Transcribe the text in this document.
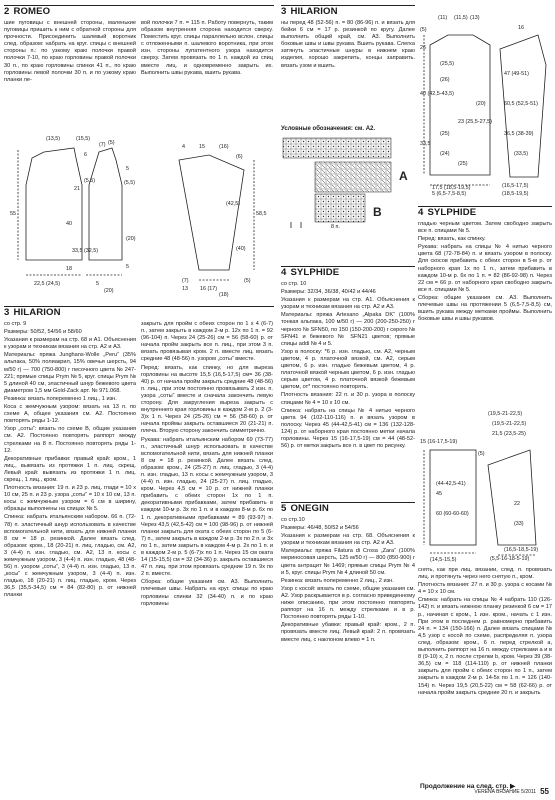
2 ROMEO

шие пуговицы с внешней стороны, маленькие пуговицы пришить к ним с обратной стороны для прочности. Присоединить шалевый воротник след. образом: набрать на круг. спицы с внешней стороны п.: по узкому краю полочки правой полочки 7-10, по краю горловины правой полочки 30 п., по краю горловины спинки 41 п., по краю горловины левой полочки 30 п. и по узкому краю планки ле-

вой полочки 7 п. = 115 п. Работу повернуть, таким образом внутренняя сторона находится сверху. Поместить круг. спицы параллельно вслон. спицы с отложенными п. шалевого воротника, при этом изн. стороны лупатентного узора находится сверху. Затем провязать по 1 п. каждой из спиц вместе лиц. и одновременно закрыть их. Выполнить швы рукава, вшить рукава.

(13,5)	(15,5)
(5)
(7)
6
5
21
(5,5)	(5,5)
55
40
33,5 (32,5)
(20)
18	5
22,5 (24,5)	5
(20)
4	15	(16)
(6)
58,5
(42,5)
(40)
13 16 (17)
(7)	(5)
(18)
3 HILARION

ны перед 48 (52-56) п. = 80 (86-96) п. и вязать для бейки 6 см = 17 р. резинкой по кругу. Далее выполнить общий край, см. А3. Выполнить боковые швы и швы рукава. Вшить рукава. Слегка затянуть эластичные шнуры в нижнем краю изделия, хорошо закрепить, концы заправить. вязать узом и вшить.

Условные обозначения: см. А2.
A
B
8 п.
(11) (11,5) (13)
(5)
26
40 (42,5-43,5)
33,5
(25,5)
(26)
(20)
23 (25,5-27,5)
(25)
(24)
(25)
16
47 (49-51)
60,5 (52,5-51)
36,5 (38-39)
(33,5)
(16,5-17,5)
(18,5-19,5)
5 (6,5-7,5-8,5)
17,5 (18,5-19,5)
4 SYLPHIDE

гладью черным цветом. Затем свободно закрыть все п. спицами № 5.

Перед: вязать, как спинку.

Рукава: набрать на спицы № 4 нитью черного цвета 68 (72-78-84) п. и вязать узором в полоску. Для скосов прибавить с обеих сторон в 5-м р. от наборного края 1х по 1 п., затем прибавить в каждом 10-м р. 6х по 1 п. = 82 (86-92-98) п. Через 22 см = 66 р. от наборного края свободно закрыть все п. спицами № 5.

Сборка: общие указания см. А3. Выполнить плечевые швы на протяжении 5 (6,5-7,5-8,5) см, вшить рукава между метками проймы. Выполнить боковые швы и швы рукавов.

3 HILARION

со стр. 9

Размеры: 50/52, 54/56 и 58/60

Указания к размерам на стр. 68 и А1. Объяснения к узорам и техникам вязания на стр. А2 и А3.

Материалы: пряжа Junghans-Wolle „Peru“ (35% альпака, 50% полиакрил, 15% овечья шерсть, 94 м/50 г) — 700 (750-800) г песочного цвета № 247-221; прямые спицы Prym № 5, круг. спицы Prym № 5 длиной 40 см, эластичный шнур бежевого цвета диаметром 1,5 мм Gold-Zack арт. № 971.068.

Резинка: вязать попеременно 1 лиц., 1 изн.

Коса с жемчужным узором: вязать на 13 п. по схеме А, общее указания см. А2. Постоянно повторять ряды 1-12.

Узор „соты“: вязать по схеме В, общие указания см. А2. Постоянно повторять раппорт между стрелками на 8 п. Постоянно повторять ряды 1-12.

Декоративные прибавки: правый край: кром., 1 лиц., вывязать из протяжки 1 п. лиц. скрещ. Левый край: вывязать из протяжки 1 п. лиц. скрещ., 1 лиц., кром.

Плотность вязания: 19 п. и 23 р. лиц. глади = 10 х 10 см, 25 п. и 23 р. узора „соты“ = 10 х 10 см, 13 п. косы с жемчужным узором = 6 см в ширину, образцы выполнены на спицах № 5.

Спинка: набрать итальянским набором. 66 п. (72-78) п. эластичный шнур использовать в качестве вспомогательной нити, вязать для нижней планки 8 см = 18 р. резинкой. Далее вязать след. образом: кром., 18 (20-21) п. лиц. гладью, см. А2, 3 (4-4) п. изн. гладью, см. А2, 13 п. косы с жемчужным узором, 3 (4-4) п. изн. гладью, 48 (48-56) п. узором „соты“, 3 (4-4) п. изн. гладью, 13 п. „косы“ с жемчужным узором, 3 (4-4) п. изн. гладью, 18 (20-21) п. лиц. гладью, кром. Через 36,5 (35,5-34,5) см = 84 (82-80) р. от нижней планки

закрыть для пройм с обеих сторон по 1 х 4 (6-7) п., затем закрыть в каждом 2-м р. 12х по 1 п. = 92 (96-104) п. Через 24 (25-26) см = 56 (58-60) р. от начала пройм закрыть все п. лиц., при этом 3 п. вязать провязывая кром. 2 п. вместе лиц. вязать средние 48 (48-56) п. узором „соты“ вместе.

Перед: вязать, как спинку, но для выреза горловины на высоте 15,5 (16,5-17,5) см= 36 (38-40) р. от начала пройм закрыть средние 48 (48-56) п. лиц., при этом постоянно провязывать 2 изн. п. узора „соты“ вместе и сначала закончить левую сторону. Для закругления выреза закрыть с внутреннего края горловины в каждом 2-м р. 2 (3-3)х 1 п. Через 24 (25-26) см = 56 (58-60) р. от начала проймы закрыть оставшиеся 20 (21-21) п. плеча. Вторую сторону закончить симметрично.

Рукава: набрать итальянским набором 69 (73-77) п., эластичный шнур использовать в качестве вспомогательной нити, вязать для нижней планки 8 см = 18 р. резинкой. Далее вязать след. образом: кром., 24 (25-27) п. лиц. гладью, 3 (4-4) п. изн. гладью, 13 п. косы с жемчужным узором, 3 (4-4) п. изн. гладью, 24 (25-27) п. лиц. гладью, кром. Через 4,5 см = 10 р. от нижней планки прибавить с обеих сторон 1х по 1 п. декоративными прибавками, затем прибавить в каждом 10-м р. 3х по 1 п. и в каждом 8-м р. 6х по 1 п. декоративными прибавками = 89 (93-97) п. Через 43,5 (42,5-42) см = 100 (98-96) р. от нижней планки закрыть для оката с обеих сторон по 5 (6-7) п., затем закрыть в каждом 2-м р. 3х по 2 п. и 3х по 1 п., затем закрыть в каждом 4-м р. 2х по 1 п. и в каждом 2-м р. 5 (6-7)х по 1 п. Через 15 см оката 14 (15-15,5) см = 32 (34-36) р. закрыть оставшиеся 47 п. лиц. при этом провязать средние 19 п. 9х по 2 п. вместе.

Сборка: общие указания см. А3. Выполнить плечевые швы. Набрать на круг. спицы по краю горловины спинки 32 (34-40) п. и по краю горловины

4 SYLPHIDE

со стр. 10

Размеры: 32/34, 36/38, 40/42 и 44/46

Указания к размерам на стр. А1. Объяснения к узорам и техникам вязания на стр. А2 и А3.

Материалы: пряжа Artesano „Alpaka DK“ (100% тонкая альпака, 100 м/50 г) — 200 (200-250-250) г черного № SFN50, по 150 (150-200-200) г серого № SFN41 и бежевого № SFN21 цветов; прямые спицы addi № 4 и 5.

Узор в полоску: *6 р. изн. гладью, см. А2, черным цветом, 4 р. платочной вязкой, см. А2, серым цветом, 6 р. изн. гладью бежевым цветом, 4 р. платочной вязкой черным цветом, 6 р. изн. гладью серым цветом, 4 р. платочной вязкой бежевым цветом, от* постоянно повторять.

Плотность вязания: 22 п. и 30 р. узора в полоску спицами № 4 = 10 х 10 см.

Спинка: набрать на спицы № 4 нитью черного цвета 94 (102-110-116) п. и вязать узором в полоску. Через 45 (44-42,5-41) см = 136 (132-128-124) р. от наборного края постоянно метки начала горловины. Через 15 (16-17,5-19) см = 44 (48-52-56) р. от метки закрыть все п. в цвет по рисунку.

(19,5-21-22,5)
(19,5-21-22,5)
21,5 (23,5-25)
15 (16-17,5-19)
(44-42,5-41)
45
(5)
60 (60-60-60)
22
(5,5-16-18-5-19)
(33)
(14,5-15,5)
(16,5-18,5-19)
5 ONEGIN

со стр.10

Размеры: 46/48, 50/52 и 54/56

Указания к размерам на стр. 68. Объяснения к узорам и техникам вязания на стр. А2 и А3.

Материалы: пряжа Filatura di Crosa „Zara“ (100% мериносовая шерсть, 125 м/50 г) — 800 (850-900) г цвета антрацит № 1469; прямые спицы Prym № 4 и 5, круг. спицы Prym № 4 длиной 50 см.

Резинка: вязать попеременно 2 лиц., 2 изн.

Узор с косой: вязать по схеме, общие указания см. А2. Узор раскрывается в р. согласно приведенному ниже описанию, при этом постоянно повторять раппорт на 16 п. между стрелками и в р. Постоянно повторять ряды 1-10.

Декоративные убавки: правый край: кром., 2 п. провязать вместе лиц. Левый край: 2 п. провязать вместе лиц. с наклоном влево = 1 п.

снять, как при лиц. вязании, след. п. провязать лиц. и протянуть через него снятую п., кром.

Плотность вязания: 27 п. и 30 р. узора с косами № 4 = 10 х 10 см.

Спинка: набрать на спицы № 4 набрать 110 (126-142) п. и вязать нижнюю планку резинкой 6 см = 17 р., начиная с кром., 1 изн. кром., начать с 1 изн. При этом в последнем р. равномерно прибавить 24 п. = 134 (150-166) п. Далее вязать спицами № 4,5 узор с косой по схеме, распределяя п. узора след. образом: кром., 6 п. перед стрелкой а, выполнить раппорт на 16 п. между стрелками а и в 8 (9-10) х, 2 п. после стрелки b, кром. Через 39 (38-36,5) см = 118 (114-110) р. от нижней планки закрыть для пройм с обеих сторон по 1 п., затем закрыть в каждом 2-м р. 14-5х по 1 п. = 126 (140-154) п. Через 19,5 (20,5-22) см = 58 (62-66) р. от начала пройм закрыть средние 20 п. и закрыть

Продолжение на след. стр. ▶
VERENA ВЯЗАНИЕ 5/2011 55
